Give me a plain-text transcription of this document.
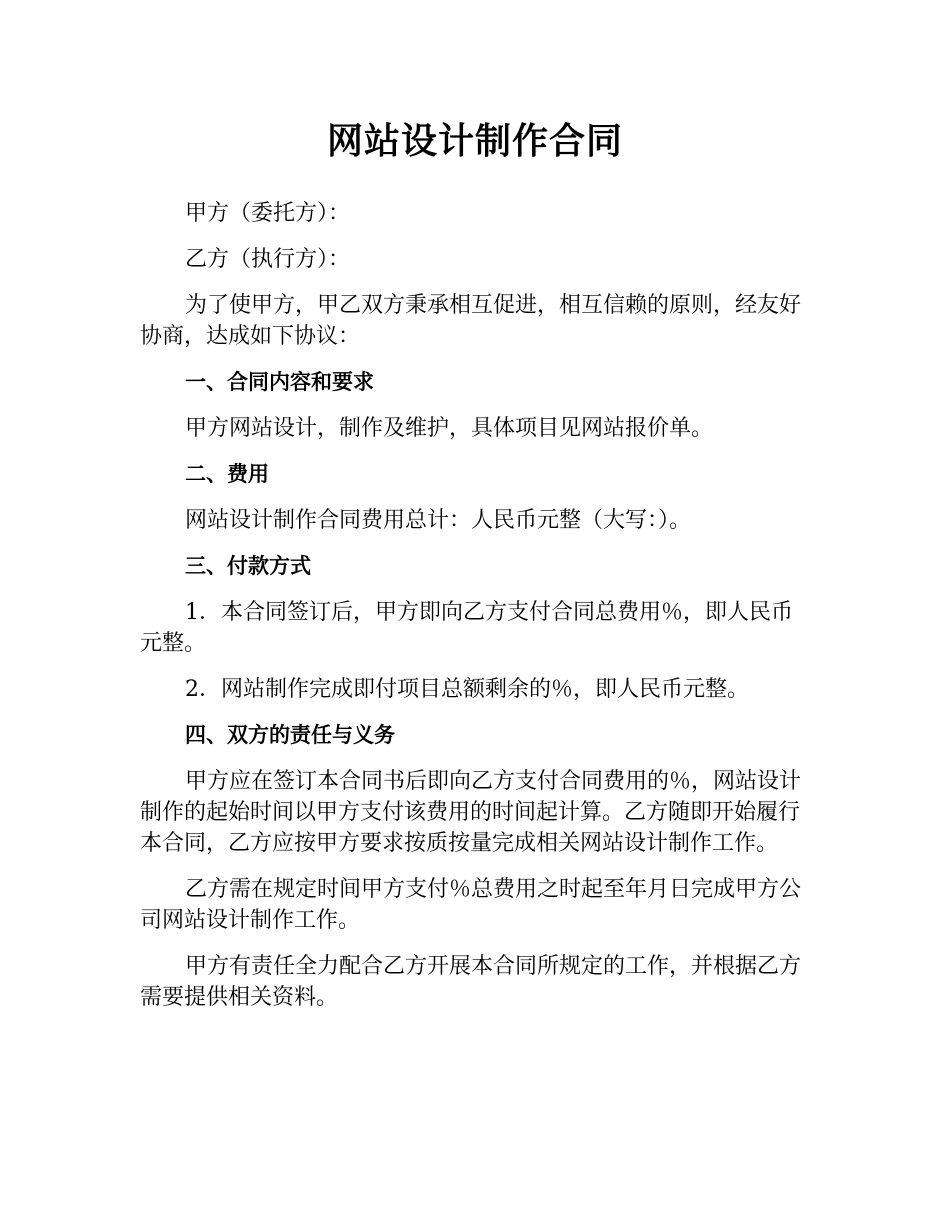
网站设计制作合同

甲方（委托方）：

乙方（执行方）：

为了使甲方，甲乙双方秉承相互促进，相互信赖的原则，经友好协商，达成如下协议：

一、合同内容和要求

甲方网站设计，制作及维护，具体项目见网站报价单。

二、费用

网站设计制作合同费用总计：人民币元整（大写：）。

三、付款方式

1．本合同签订后，甲方即向乙方支付合同总费用％，即人民币元整。

2．网站制作完成即付项目总额剩余的％，即人民币元整。

四、双方的责任与义务

甲方应在签订本合同书后即向乙方支付合同费用的％，网站设计制作的起始时间以甲方支付该费用的时间起计算。乙方随即开始履行本合同，乙方应按甲方要求按质按量完成相关网站设计制作工作。

乙方需在规定时间甲方支付％总费用之时起至年月日完成甲方公司网站设计制作工作。

甲方有责任全力配合乙方开展本合同所规定的工作，并根据乙方需要提供相关资料。
